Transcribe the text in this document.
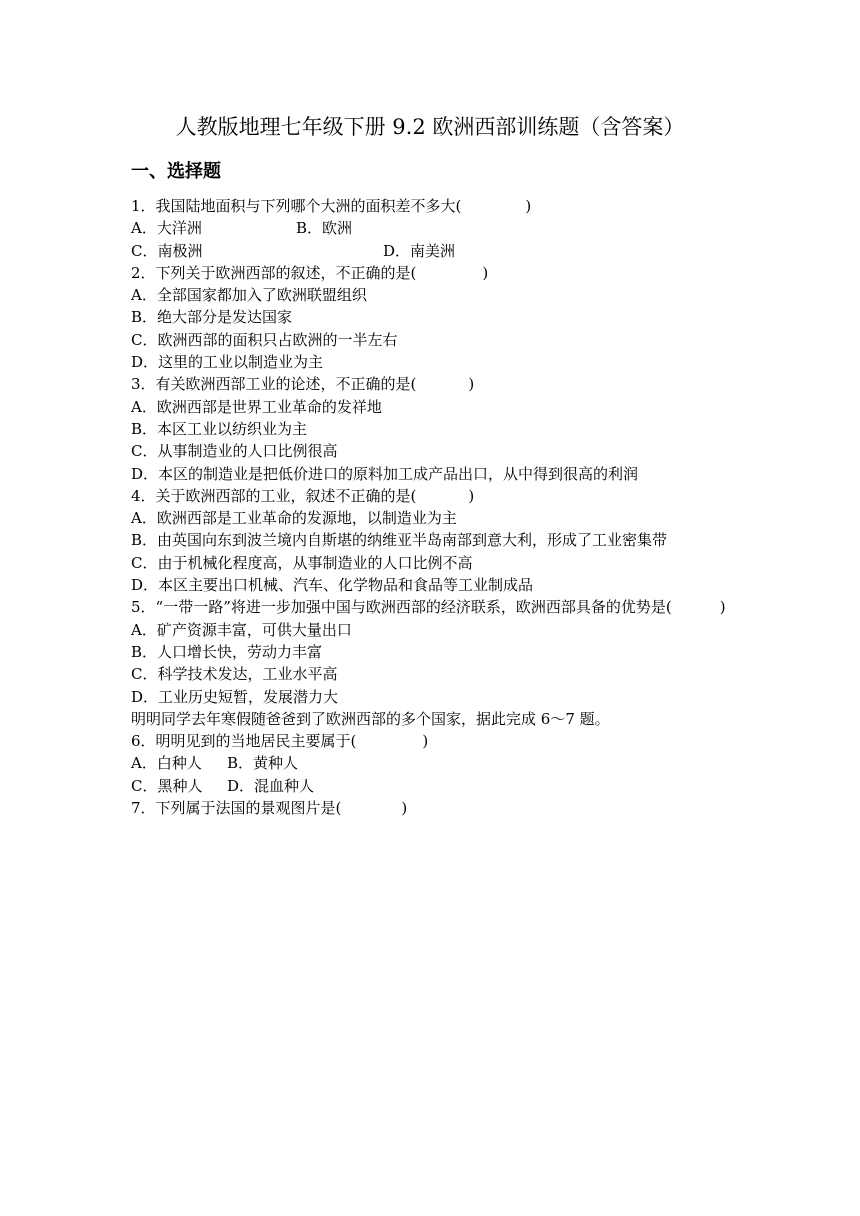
人教版地理七年级下册 9.2 欧洲西部训练题（含答案）
一、选择题
1．我国陆地面积与下列哪个大洲的面积差不多大(	)
A．大洋洲	B．欧洲
C．南极洲	D．南美洲
2．下列关于欧洲西部的叙述，不正确的是(	)
A．全部国家都加入了欧洲联盟组织
B．绝大部分是发达国家
C．欧洲西部的面积只占欧洲的一半左右
D．这里的工业以制造业为主
3．有关欧洲西部工业的论述，不正确的是(	)
A．欧洲西部是世界工业革命的发祥地
B．本区工业以纺织业为主
C．从事制造业的人口比例很高
D．本区的制造业是把低价进口的原料加工成产品出口，从中得到很高的利润
4．关于欧洲西部的工业，叙述不正确的是(	)
A．欧洲西部是工业革命的发源地，以制造业为主
B．由英国向东到波兰境内自斯堪的纳维亚半岛南部到意大利，形成了工业密集带
C．由于机械化程度高，从事制造业的人口比例不高
D．本区主要出口机械、汽车、化学物品和食品等工业制成品
5．“一带一路”将进一步加强中国与欧洲西部的经济联系，欧洲西部具备的优势是(	)
A．矿产资源丰富，可供大量出口
B．人口增长快，劳动力丰富
C．科学技术发达，工业水平高
D．工业历史短暂，发展潜力大
明明同学去年寒假随爸爸到了欧洲西部的多个国家，据此完成 6～7 题。
6．明明见到的当地居民主要属于(	)
A．白种人 B．黄种人
C．黑种人 D．混血种人
7．下列属于法国的景观图片是(	)
